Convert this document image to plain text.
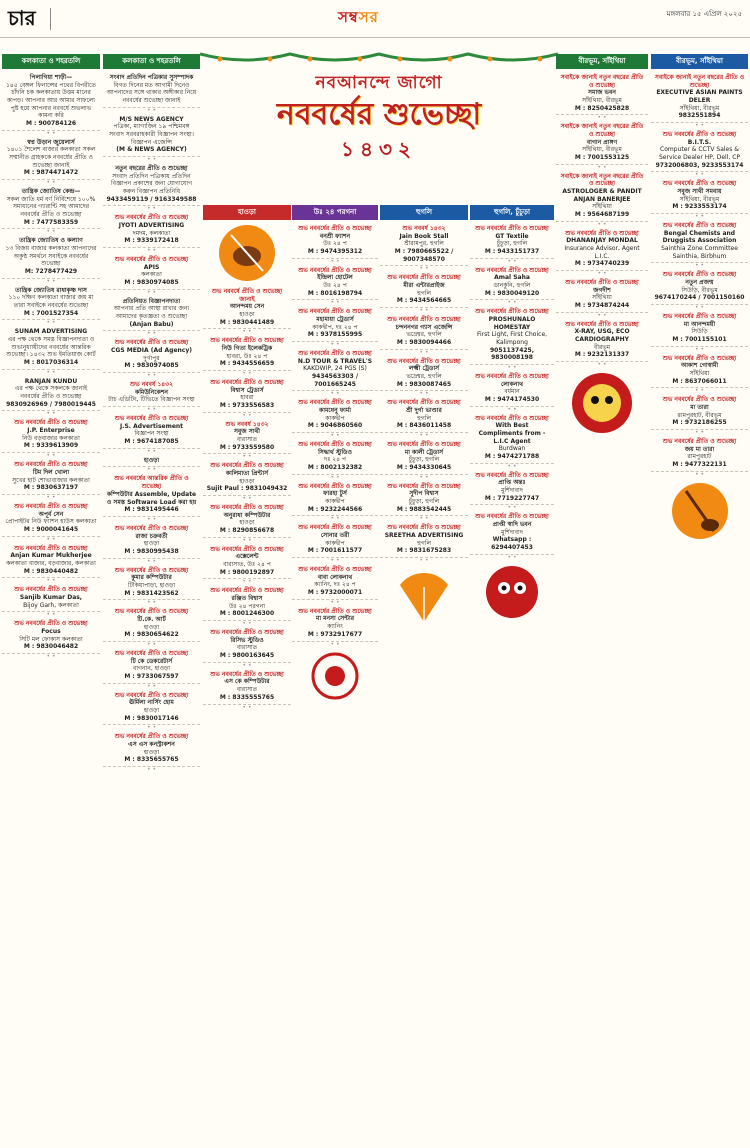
চার	সম্বসর	মঙ্গলবার ১৫ এপ্রিল ২০২৫
কলকাতা ও শহরতলি
পিলাগিয়া শাড়ী—
১৪৫ বেঙ্গল ফিনান্সের পথের বিপরীতে চাঁদনি চক কলকাতায় উত্তম মানের কাপড়। আপনার আর আমার সাফল্যে পুষ্ট হয়ে আপনার নববর্ষে শুভলাভ কামনা করি
M : 900784126
• •
স্বপ্ন উড়ান জুয়েলার্স
১৪০১ শৈলেশ বাজার কলকাতা সকল সম্মানীত গ্রাহককে নববর্ষের প্রীতি ও শুভেচ্ছা জানাই
M : 9874471472
• •
তান্ত্রিক জ্যোতিষ কেন্দ্র—
সকল জাতি ধর্ম বর্ণ নির্বিশেষে ১০০% সমাধানের গ্যারান্টি সহ আমাদের নববর্ষের প্রীতি ও শুভেচ্ছা
M : 7477583359
• •
তান্ত্রিক জ্যোতিষ ও কল্যাণ
১৩ বিজয় বাজার কলকাতা আপনাদের অকুণ্ঠ সমর্থনে সবাইকে নববর্ষের শুভেচ্ছা
M: 7278477429
• •
তান্ত্রিক জ্যোতিষ রাধাকৃষ্ণ দাস
১১০ দক্ষিণ কলকাতা বাজার জয় মা তারা সবাইকে নববর্ষের শুভেচ্ছা
M : 7001527354
• •
SUNAM ADVERTISING
এর পক্ষ থেকে সমস্ত বিজ্ঞাপনদাতা ও শুভানুধ্যায়ীদের নববর্ষের আন্তরিক শুভেচ্ছা। ১৪৩২ শুভ ইমতিয়াজ কোর্ট
M : 8017036314
• •
RANJAN KUNDU
এর পক্ষ থেকে সকলকে জানাই নববর্ষের প্রীতি ও শুভেচ্ছা
9830926969 / 7980019445
• •
শুভ নববর্ষের প্রীতি ও শুভেচ্ছা
J.P. Enterprise
নিউ বড়বাজার কলকাতা
M : 9339613909
• •
শুভ নববর্ষের প্রীতি ও শুভেচ্ছা
টিম দিল খোলা
সুখের হাট শোভাবাজার কলকাতা
M : 9830637197
• •
শুভ নববর্ষের প্রীতি ও শুভেচ্ছা
অপূর্ব সেন
প্রোপাইটর নিউ ফ্যাশন হাউস কলকাতা
M : 9000041645
• •
শুভ নববর্ষের প্রীতি ও শুভেচ্ছা
Anjan Kumar Mukherjee
কলকাতা বাজার, বড়বাজার, কলকাতা
M : 9830440482
• •
শুভ নববর্ষের প্রীতি ও শুভেচ্ছা
Sanjib Kumar Das,
Bijoy Garh, কলকাতা
• •
শুভ নববর্ষের প্রীতি ও শুভেচ্ছা
Focus
সিটি মল ফোকাস কলকাতা
M : 9830046482
• •
কলকাতা ও শহরতলি
সংবাদ প্রতিদিন পত্রিকার সুসম্পাদক
বিগত দিনের মত আগামী দিনেও আপনাদের সঙ্গে থাকার অঙ্গীকার নিয়ে নববর্ষের শুভেচ্ছা জানাই
• •
M/S NEWS AGENCY
পত্রিকা, ম্যাগাজিন ১৯ পশ্চিমবঙ্গ সংবাদ সরবরাহকারী বিজ্ঞাপন সংস্থা। বিজ্ঞাপন এজেন্সি
(M & NEWS AGENCY)
• •
নতুন বছরের প্রীতি ও শুভেচ্ছা
সংবাদ প্রতিদিন পত্রিকায় প্রতিদিন বিজ্ঞাপন প্রকাশের জন্য যোগাযোগ করুন বিজ্ঞাপন প্রতিনিধি
9433459119 / 9163349588
• •
শুভ নববর্ষের প্রীতি ও শুভেচ্ছা
JYOTI ADVERTISING
দমদম, কলকাতা
M : 9339172418
• •
শুভ নববর্ষের প্রীতি ও শুভেচ্ছা
APIS
কলকাতা
M : 9830974085
• •
প্রতিনিয়ত বিজ্ঞাপনদাতা
আপনার প্রতি আস্থা রাখার জন্য আমাদের কৃতজ্ঞতা ও শুভেচ্ছা
(Anjan Babu)
• •
শুভ নববর্ষের প্রীতি ও শুভেচ্ছা
CGS MEDIA (Ad Agency)
দুর্গাপুর
M : 9830974085
• •
শুভ নববর্ষ ১৪৩২
কমিউনিকেশন
টাচ এডিটিং, টিভিতে বিজ্ঞাপন সংস্থা
• •
শুভ নববর্ষের প্রীতি ও শুভেচ্ছা
J.S. Advertisement
বিজ্ঞাপন সংস্থা
M : 9674187085
• •
হাওড়া
• •
শুভ নববর্ষের আন্তরিক প্রীতি ও শুভেচ্ছা
কম্পিউটার Assemble, Update ও সমস্ত Software Load করা হয়
M : 9831495446
• •
শুভ নববর্ষের প্রীতি ও শুভেচ্ছা
রাজা চক্রবর্তী
হাওড়া
M : 9830995438
• •
শুভ নববর্ষের প্রীতি ও শুভেচ্ছা
কুমার কম্পিউটার
টিকিয়াপাড়া, হাওড়া
M : 9831423562
• •
শুভ নববর্ষের প্রীতি ও শুভেচ্ছা
টি.কে. আর্ট
হাওড়া
M : 9830654622
• •
শুভ নববর্ষের প্রীতি ও শুভেচ্ছা
টি কে ডেকরেটার্স
বাগনান, হাওড়া
M : 9733067597
• •
শুভ নববর্ষের প্রীতি ও শুভেচ্ছা
ঊর্মিলা নার্সিং হোম
হাওড়া
M : 9830017146
• •
শুভ নববর্ষের প্রীতি ও শুভেচ্ছা
এস এস কনস্ট্রাকশন
হাওড়া
M : 8335655765
• •
নবআনন্দে জাগো
নববর্ষের শুভেচ্ছা
১৪৩২
হাওড়া
শুভ নববর্ষে প্রীতি ও শুভেচ্ছা জানাই
আনন্দময় সেন
হাওড়া
M : 9830441489
• •
শুভ নববর্ষের প্রীতি ও শুভেচ্ছা
নিউ গিতা ইলেকট্রিক
হাবরা, উঃ ২৪ প
M : 9434556659
• •
শুভ নববর্ষের প্রীতি ও শুভেচ্ছা
বিশ্বাস ট্রেডার্স
হাবরা
M : 9733556583
• •
শুভ নববর্ষ ১৪৩২
সবুজ সাথী
বারাসাত
M : 9733559580
• •
শুভ নববর্ষের প্রীতি ও শুভেচ্ছা
কালিমাতা প্রিন্টার্স
হাওড়া
Sujit Paul : 9831049432
• •
শুভ নববর্ষের প্রীতি ও শুভেচ্ছা
অনুরাধা কম্পিউটার
হাওড়া
M : 8290856678
• •
শুভ নববর্ষের প্রীতি ও শুভেচ্ছা
এক্সেলেন্ট
বারাসাত, উঃ ২৪ প
M : 9800192897
• •
শুভ নববর্ষের প্রীতি ও শুভেচ্ছা
রঞ্জিত বিশ্বাস
উঃ ২৪ পরগনা
M : 8001246300
• •
শুভ নববর্ষের প্রীতি ও শুভেচ্ছা
রিসিভ স্টুডিও
বারাসাত
M : 9800163645
• •
শুভ নববর্ষের প্রীতি ও শুভেচ্ছা
এস কে কম্পিউটার
বারাসাত
M : 8335555765
• •
উঃ ২৪ পরগনা
শুভ নববর্ষের প্রীতি ও শুভেচ্ছা
বনশ্রী ফ্যাশন
উঃ ২৪ প
M : 9474395312
• •
শুভ নববর্ষের প্রীতি ও শুভেচ্ছা
ইন্দ্রিলা হোটেল
উঃ ২৪ প
M : 8016198794
• •
শুভ নববর্ষের প্রীতি ও শুভেচ্ছা
মহামায়া ট্রেডার্স
কাকদ্বীপ, দঃ ২৪ প
M : 9378155995
• •
শুভ নববর্ষের প্রীতি ও শুভেচ্ছা
N.D TOUR & TRAVEL'S
KAKDWIP, 24 PGS (S)
9434563303 / 7001665245
• •
শুভ নববর্ষের প্রীতি ও শুভেচ্ছা
কামধেনু ফার্মা
কাকদ্বীপ
M : 9046860560
• •
শুভ নববর্ষের প্রীতি ও শুভেচ্ছা
সিদ্ধার্থ স্টুডিও
দঃ ২৪ প
M : 8002132382
• •
শুভ নববর্ষের প্রীতি ও শুভেচ্ছা
ফারহা টুর্স
কাকদ্বীপ
M : 9232244566
• •
শুভ নববর্ষের প্রীতি ও শুভেচ্ছা
সোনার তরী
কাকদ্বীপ
M : 7001611577
• •
শুভ নববর্ষের প্রীতি ও শুভেচ্ছা
বাবা লোকনাথ
ক্যানিং, দঃ ২৪ প
M : 9732000071
• •
শুভ নববর্ষের প্রীতি ও শুভেচ্ছা
মা মনসা সেন্টার
ক্যানিং
M : 9732917677
• •
হুগলি
শুভ নববর্ষ ১৪৩২
Jain Book Stall
শ্রীরামপুর, হুগলি
M : 7980665522 / 9007348570
• •
শুভ নববর্ষের প্রীতি ও শুভেচ্ছা
মীরা এন্টারপ্রাইজ
হুগলি
M : 9434564665
• •
শুভ নববর্ষের প্রীতি ও শুভেচ্ছা
চন্দননগর গ্যাস এজেন্সি
ভদ্রেশ্বর, হুগলি
M : 9830094466
• •
শুভ নববর্ষের প্রীতি ও শুভেচ্ছা
লক্ষ্মী ট্রেডার্স
ভদ্রেশ্বর, হুগলি
M : 9830087465
• •
শুভ নববর্ষের প্রীতি ও শুভেচ্ছা
শ্রী দুর্গা ভাণ্ডার
হুগলি
M : 8436011458
• •
শুভ নববর্ষের প্রীতি ও শুভেচ্ছা
মা কালী ট্রেডার্স
চুঁচুড়া, হুগলি
M : 9434330645
• •
শুভ নববর্ষের প্রীতি ও শুভেচ্ছা
সুদীপ বিশ্বাস
চুঁচুড়া, হুগলি
M : 9883542445
• •
শুভ নববর্ষের প্রীতি ও শুভেচ্ছা
SREETHA ADVERTISING
হুগলি
M : 9831675283
• •
হুগলি, চুঁচুড়া
শুভ নববর্ষের প্রীতি ও শুভেচ্ছা
GT Textile
চুঁচুড়া, হুগলি
M : 9433151737
• •
শুভ নববর্ষের প্রীতি ও শুভেচ্ছা
Amal Saha
ডানকুনি, হুগলি
M : 9830049120
• •
শুভ নববর্ষের প্রীতি ও শুভেচ্ছা
PROSHUNALO HOMESTAY
First Light, First Choice, Kalimpong
9051137425, 9830008198
• •
শুভ নববর্ষের প্রীতি ও শুভেচ্ছা
লোকনাথ
বর্ধমান
M : 9474174530
• •
শুভ নববর্ষের প্রীতি ও শুভেচ্ছা
With Best Compliments from - L.I.C Agent
Burdwan
M : 9474271788
• •
শুভ নববর্ষের প্রীতি ও শুভেচ্ছা
প্রাপ্তি অন্তঃ
মুর্শিদাবাদ
M : 7719227747
• •
শুভ নববর্ষের প্রীতি ও শুভেচ্ছা
প্রাপ্তী স্বাদি ভবন
মুর্শিদাবাদ
Whatsapp : 6294407453
• •
বীরভূম, সাঁইথিয়া
সবাইকে জানাই নতুন বছরের প্রীতি ও শুভেচ্ছা
সমাজ ভবন
সাঁইথিয়া, বীরভূম
M : 8250425828
• •
সবাইকে জানাই নতুন বছরের প্রীতি ও শুভেচ্ছা
বাগান প্রাঙ্গণ
সাঁইথিয়া, বীরভূম
M : 7001553125
• •
সবাইকে জানাই নতুন বছরের প্রীতি ও শুভেচ্ছা
ASTROLOGER & PANDIT ANJAN BANERJEE
সাঁইথিয়া
M : 9564687199
• •
শুভ নববর্ষের প্রীতি ও শুভেচ্ছা
DHANANJAY MONDAL
Insurance Advisor, Agent L.I.C.
M : 9734740239
• •
শুভ নববর্ষের প্রীতি ও শুভেচ্ছা
জগদীশ
সাঁইথিয়া
M : 9734874244
• •
শুভ নববর্ষের প্রীতি ও শুভেচ্ছা
X-RAY, USG, ECO CARDIOGRAPHY
বীরভূম
M : 9232131337
• •
বীরভূম, সাঁইথিয়া
সবাইকে জানাই নতুন বছরের প্রীতি ও শুভেচ্ছা
EXECUTIVE ASIAN PAINTS DELER
সাঁইথিয়া, বীরভূম
9832551894
• •
শুভ নববর্ষের প্রীতি ও শুভেচ্ছা
B.I.T.S.
Computer & CCTV Sales & Service Dealer HP, Dell, CP
9732006803, 9233553174
• •
শুভ নববর্ষের প্রীতি ও শুভেচ্ছা
সবুজ সাথী সমবায়
সাঁইথিয়া, বীরভূম
M : 9233553174
• •
শুভ নববর্ষের প্রীতি ও শুভেচ্ছা
Bengal Chemists and Druggists Association
Sainthia Zone Committee Sainthia, Birbhum
• •
শুভ নববর্ষের প্রীতি ও শুভেচ্ছা
নতুন প্রজন্ম
সিউড়ি, বীরভূম
9674170244 / 7001150160
• •
শুভ নববর্ষের প্রীতি ও শুভেচ্ছা
মা আনন্দময়ী
সিউড়ি
M : 7001155101
• •
শুভ নববর্ষের প্রীতি ও শুভেচ্ছা
আকাশ গোস্বামী
সাঁইথিয়া
M : 8637066011
• •
শুভ নববর্ষের প্রীতি ও শুভেচ্ছা
মা তারা
রামপুরহাট, বীরভূম
M : 9732186255
• •
শুভ নববর্ষের প্রীতি ও শুভেচ্ছা
জয় মা তারা
রামপুরহাট
M : 9477322131
• •
